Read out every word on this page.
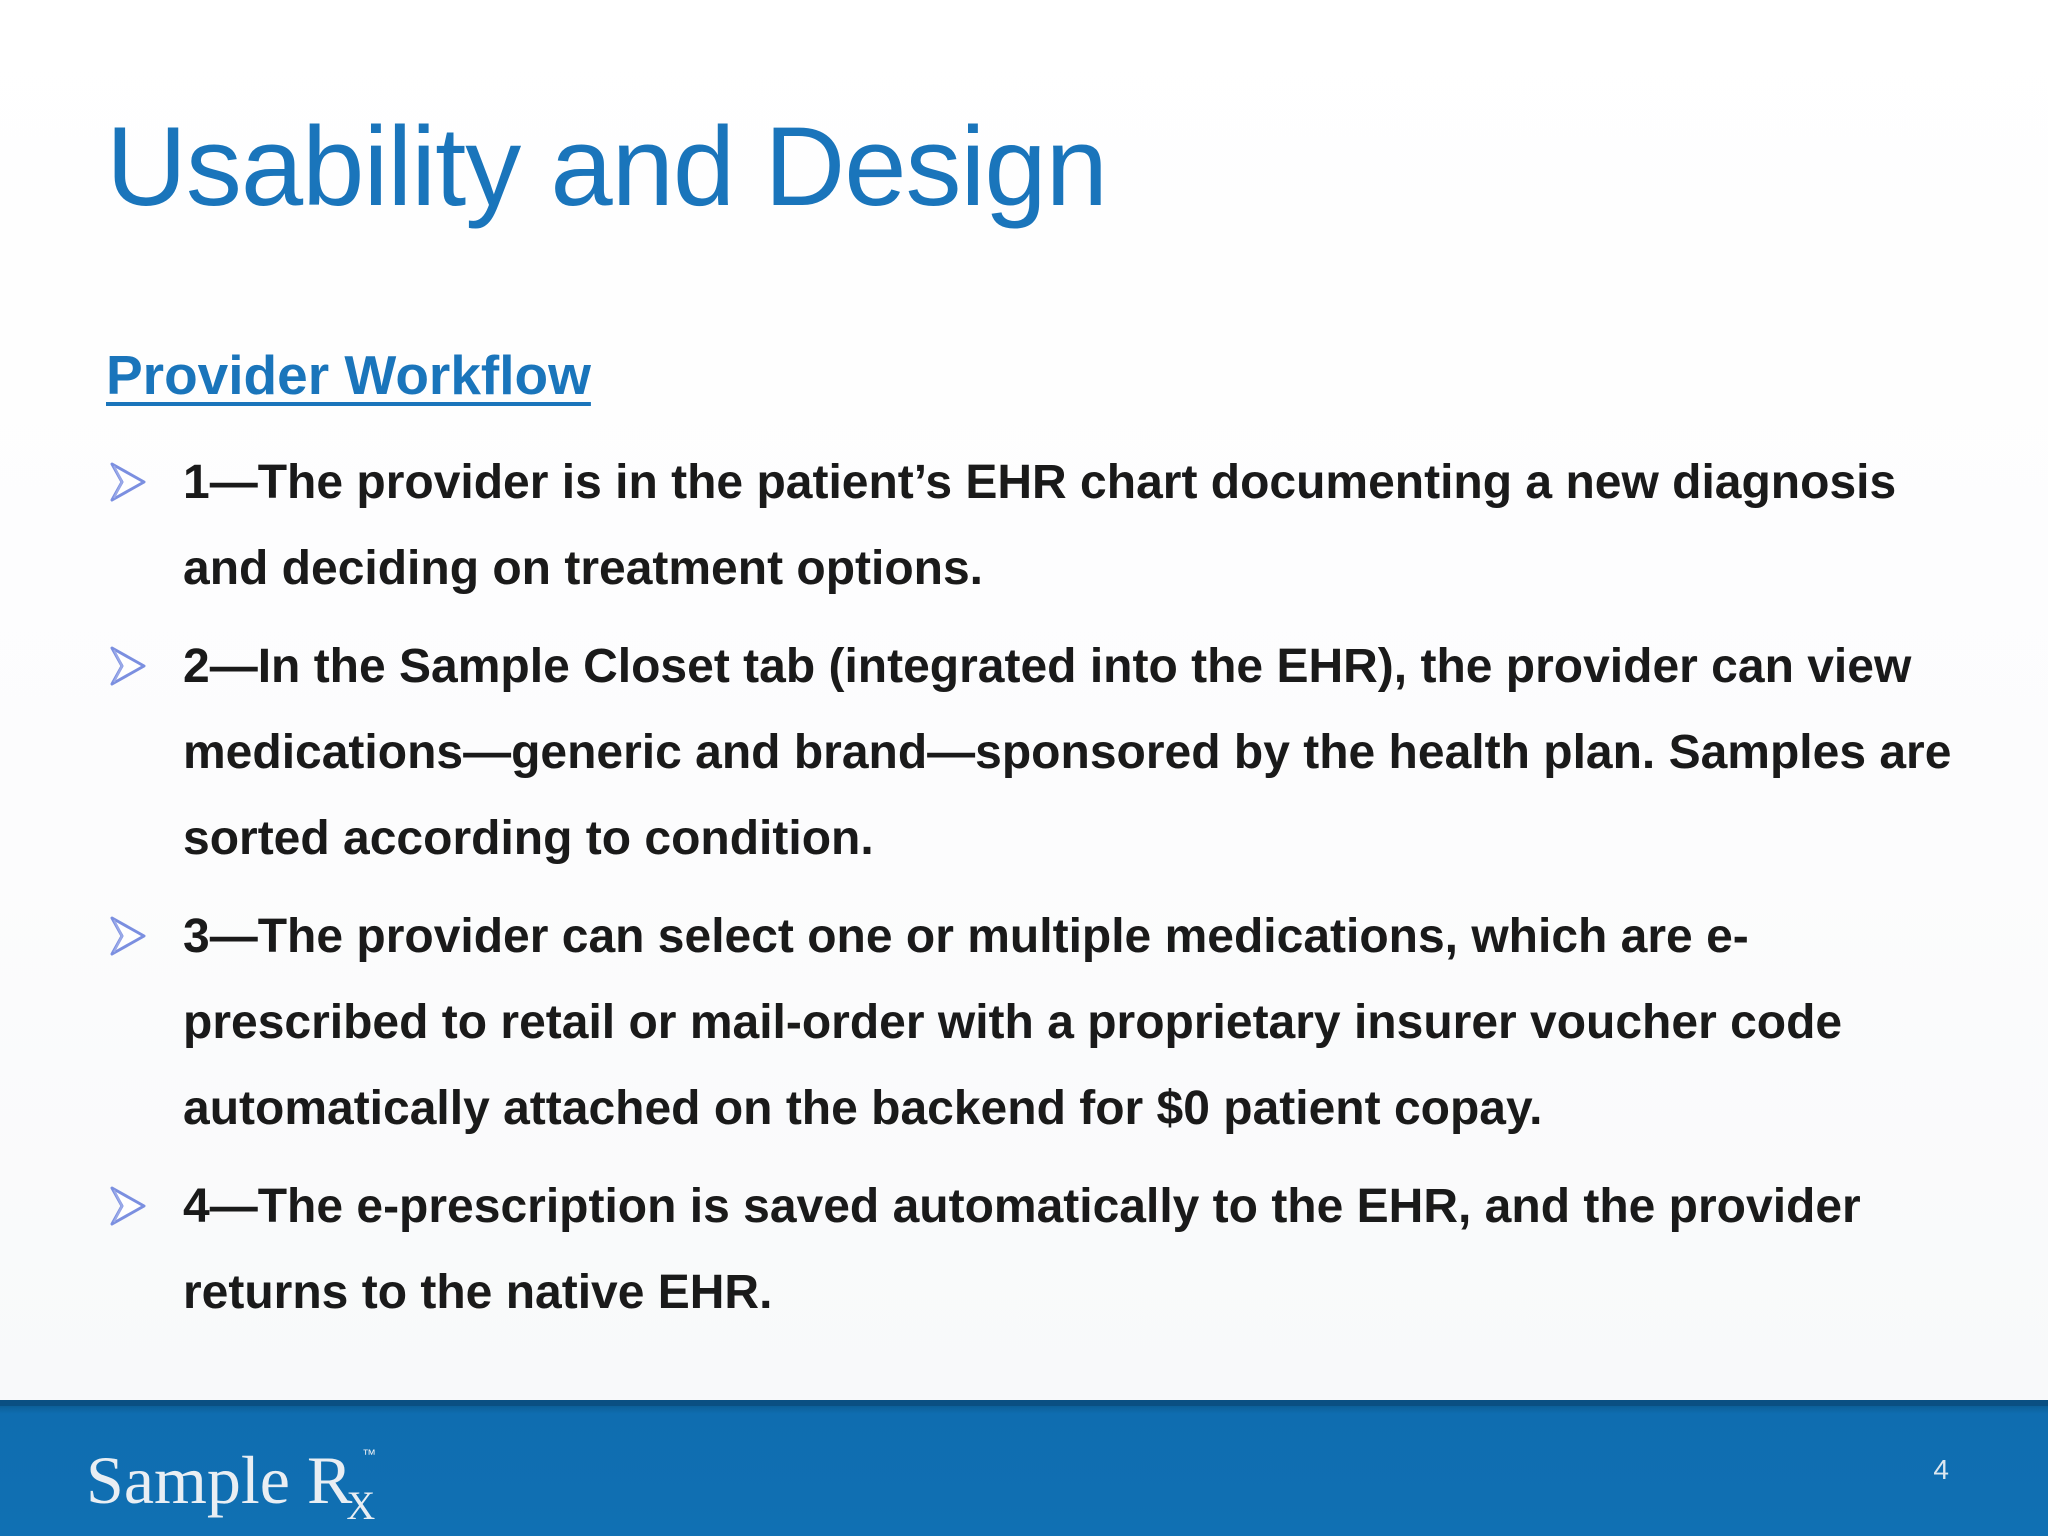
Usability and Design
Provider Workflow
1—The provider is in the patient’s EHR chart documenting a new diagnosis and deciding on treatment options.
2—In the Sample Closet tab (integrated into the EHR), the provider can view medications—generic and brand—sponsored by the health plan. Samples are sorted according to condition.
3—The provider can select one or multiple medications, which are e-prescribed to retail or mail-order with a proprietary insurer voucher code automatically attached on the backend for $0 patient copay.
4—The e-prescription is saved automatically to the EHR, and the provider returns to the native EHR.
Sample $R_X$
™	4
